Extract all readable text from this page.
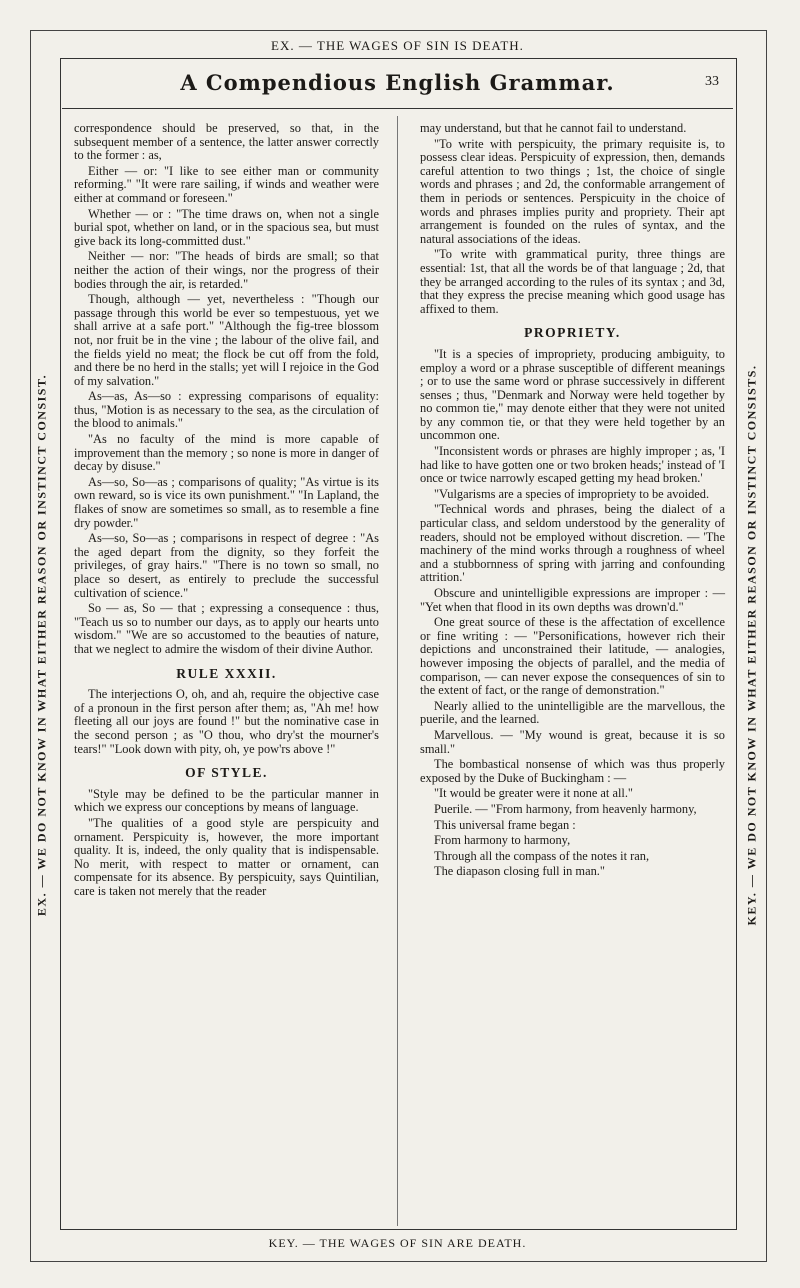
EX. — THE WAGES OF SIN IS DEATH.
KEY. — THE WAGES OF SIN ARE DEATH.
EX. — WE DO NOT KNOW IN WHAT EITHER REASON OR INSTINCT CONSIST.	KEY. — WE DO NOT KNOW IN WHAT EITHER REASON OR INSTINCT CONSISTS.
A Compendious English Grammar.	33

correspondence should be preserved, so that, in the subsequent member of a sentence, the latter answer correctly to the former : as,

Either — or: "I like to see either man or community reforming." "It were rare sailing, if winds and weather were either at command or foreseen."

Whether — or : "The time draws on, when not a single burial spot, whether on land, or in the spacious sea, but must give back its long-committed dust."

Neither — nor: "The heads of birds are small; so that neither the action of their wings, nor the progress of their bodies through the air, is retarded."

Though, although — yet, nevertheless : "Though our passage through this world be ever so tempestuous, yet we shall arrive at a safe port." "Although the fig-tree blossom not, nor fruit be in the vine ; the labour of the olive fail, and the fields yield no meat; the flock be cut off from the fold, and there be no herd in the stalls; yet will I rejoice in the God of my salvation."

As—as, As—so : expressing comparisons of equality: thus, "Motion is as necessary to the sea, as the circulation of the blood to animals."

"As no faculty of the mind is more capable of improvement than the memory ; so none is more in danger of decay by disuse."

As—so, So—as ; comparisons of quality; "As virtue is its own reward, so is vice its own punishment." "In Lapland, the flakes of snow are sometimes so small, as to resemble a fine dry powder."

As—so, So—as ; comparisons in respect of degree : "As the aged depart from the dignity, so they forfeit the privileges, of gray hairs." "There is no town so small, no place so desert, as entirely to preclude the successful cultivation of science."

So — as, So — that ; expressing a consequence : thus, "Teach us so to number our days, as to apply our hearts unto wisdom." "We are so accustomed to the beauties of nature, that we neglect to admire the wisdom of their divine Author.

RULE XXXII.

The interjections O, oh, and ah, require the objective case of a pronoun in the first person after them; as, "Ah me! how fleeting all our joys are found !" but the nominative case in the second person ; as "O thou, who dry'st the mourner's tears!" "Look down with pity, oh, ye pow'rs above !"

OF STYLE.

"Style may be defined to be the particular manner in which we express our conceptions by means of language.

"The qualities of a good style are perspicuity and ornament. Perspicuity is, however, the more important quality. It is, indeed, the only quality that is indispensable. No merit, with respect to matter or ornament, can compensate for its absence. By perspicuity, says Quintilian, care is taken not merely that the reader

may understand, but that he cannot fail to understand.

"To write with perspicuity, the primary requisite is, to possess clear ideas. Perspicuity of expression, then, demands careful attention to two things ; 1st, the choice of single words and phrases ; and 2d, the conformable arrangement of them in periods or sentences. Perspicuity in the choice of words and phrases implies purity and propriety. Their apt arrangement is founded on the rules of syntax, and the natural associations of the ideas.

"To write with grammatical purity, three things are essential: 1st, that all the words be of that language ; 2d, that they be arranged according to the rules of its syntax ; and 3d, that they express the precise meaning which good usage has affixed to them.

PROPRIETY.

"It is a species of impropriety, producing ambiguity, to employ a word or a phrase susceptible of different meanings ; or to use the same word or phrase successively in different senses ; thus, "Denmark and Norway were held together by no common tie," may denote either that they were not united by any common tie, or that they were held together by an uncommon one.

"Inconsistent words or phrases are highly improper ; as, 'I had like to have gotten one or two broken heads;' instead of 'I once or twice narrowly escaped getting my head broken.'

"Vulgarisms are a species of impropriety to be avoided.

"Technical words and phrases, being the dialect of a particular class, and seldom understood by the generality of readers, should not be employed without discretion. — 'The machinery of the mind works through a roughness of wheel and a stubbornness of spring with jarring and confounding attrition.'

Obscure and unintelligible expressions are improper : — "Yet when that flood in its own depths was drown'd."

One great source of these is the affectation of excellence or fine writing : — "Personifications, however rich their depictions and unconstrained their latitude, — analogies, however imposing the objects of parallel, and the media of comparison, — can never expose the consequences of sin to the extent of fact, or the range of demonstration."

Nearly allied to the unintelligible are the marvellous, the puerile, and the learned.

Marvellous. — "My wound is great, because it is so small."

The bombastical nonsense of which was thus properly exposed by the Duke of Buckingham : —

"It would be greater were it none at all."

Puerile. — "From harmony, from heavenly harmony,

This universal frame began :

From harmony to harmony,

Through all the compass of the notes it ran,

The diapason closing full in man."
